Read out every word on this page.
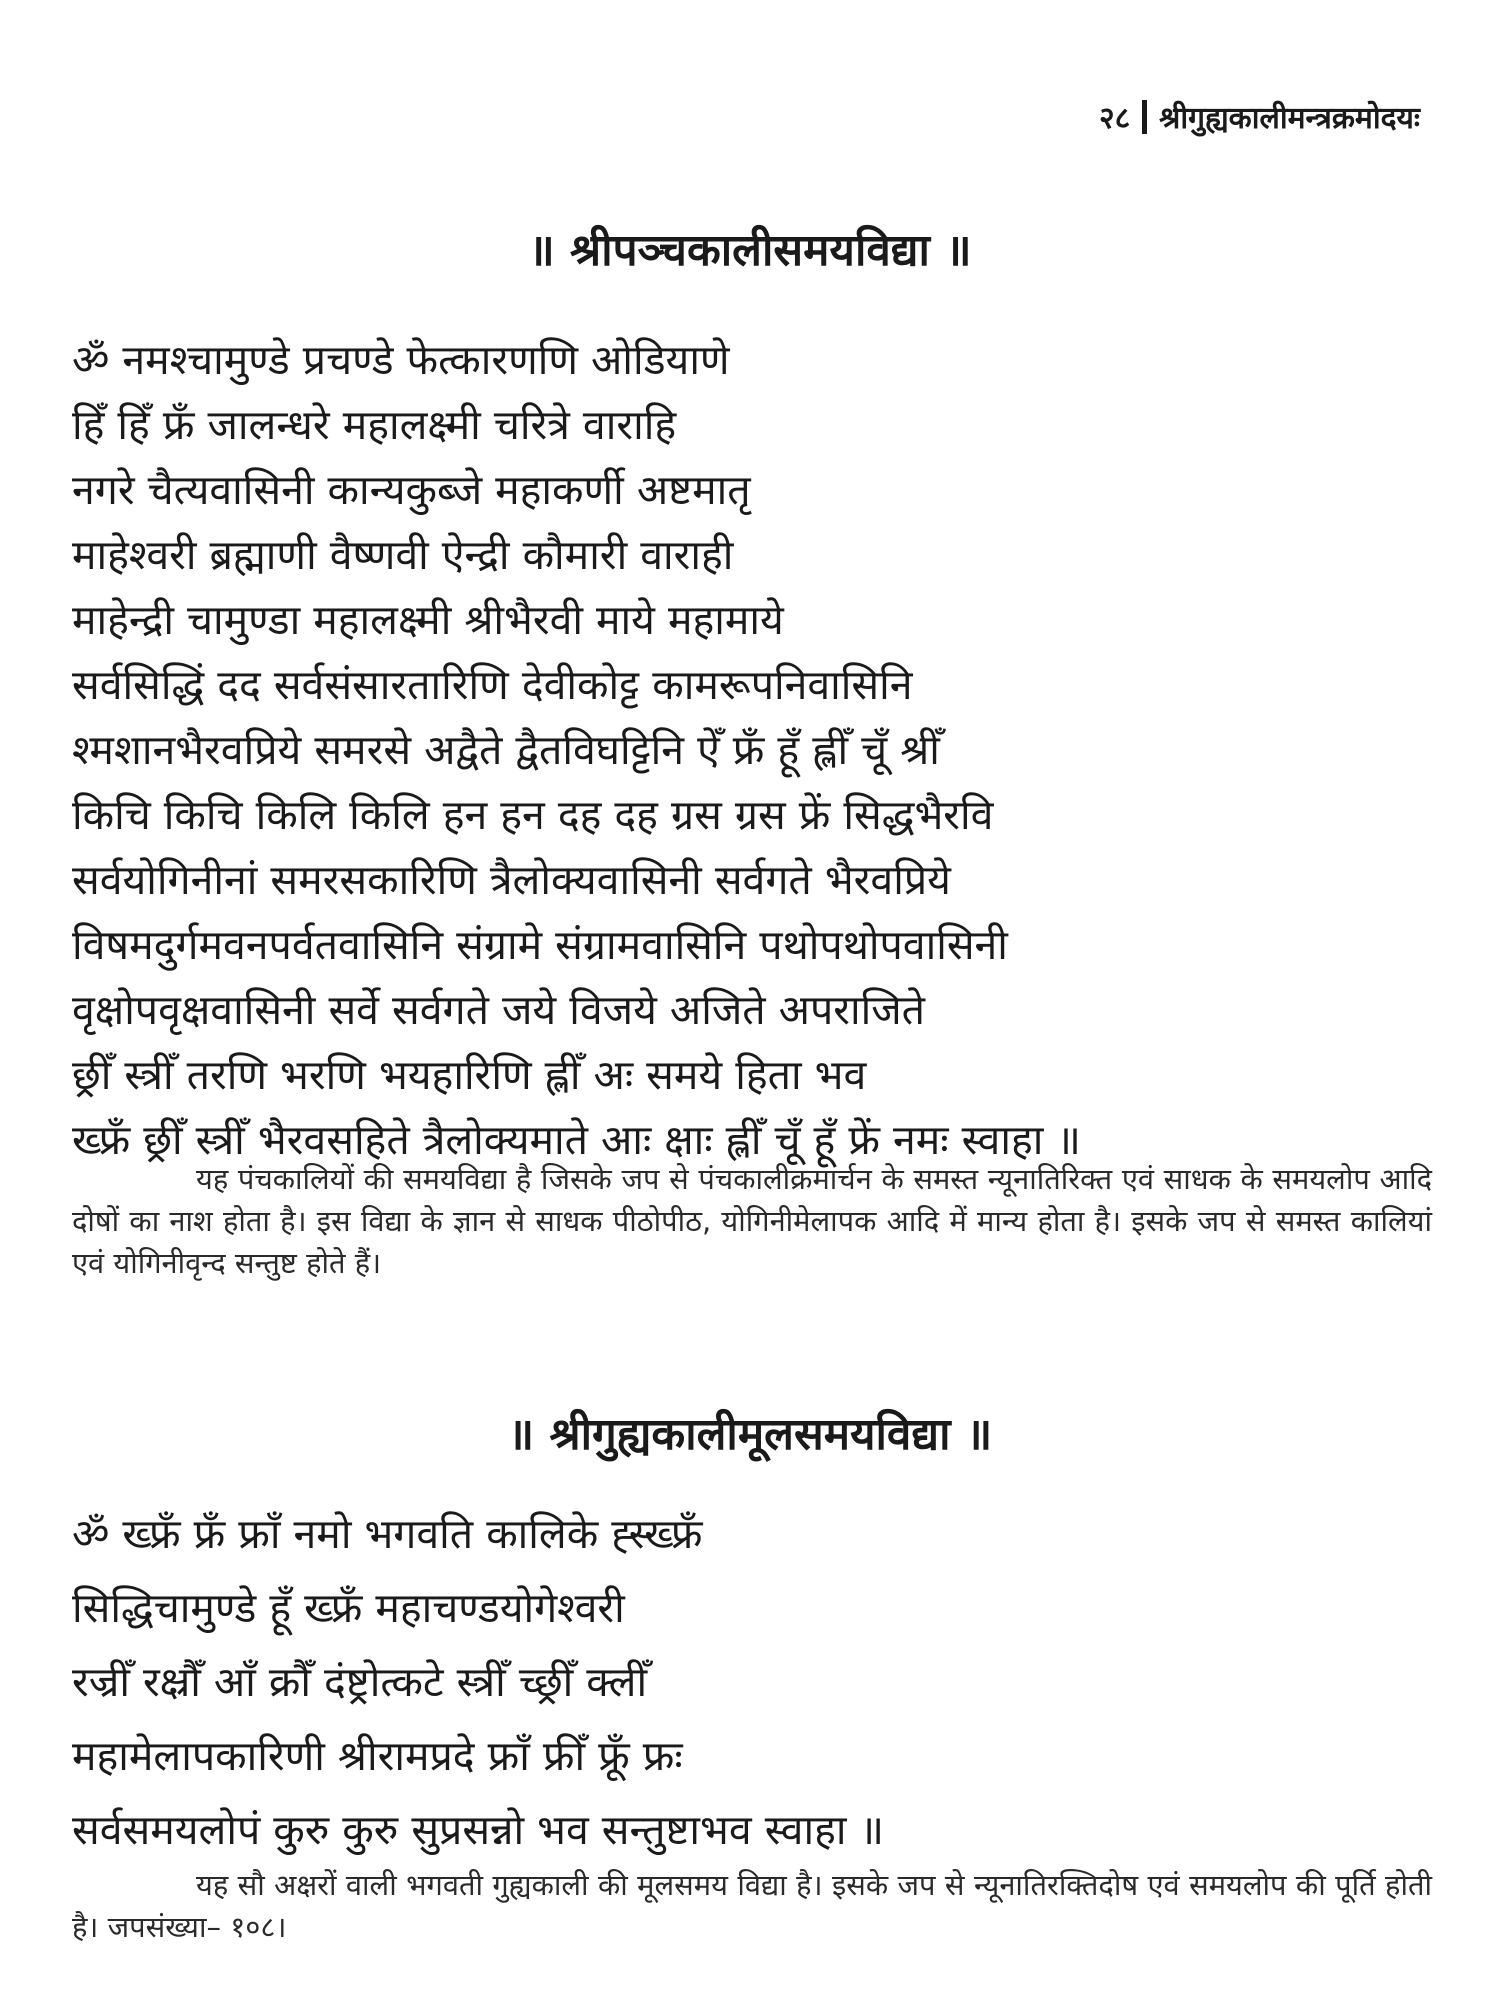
२८ श्रीगुह्यकालीमन्त्रक्रमोदयः
॥ श्रीपञ्चकालीसमयविद्या ॥
ॐ नमश्चामुण्डे प्रचण्डे फेत्कारणणि ओडियाणे
हिँ हिँ फ्रँ जालन्धरे महालक्ष्मी चरित्रे वाराहि
नगरे चैत्यवासिनी कान्यकुब्जे महाकर्णी अष्टमातृ
माहेश्वरी ब्रह्माणी वैष्णवी ऐन्द्री कौमारी वाराही
माहेन्द्री चामुण्डा महालक्ष्मी श्रीभैरवी माये महामाये
सर्वसिद्धिं दद सर्वसंसारतारिणि देवीकोट्ट कामरूपनिवासिनि
श्मशानभैरवप्रिये समरसे अद्वैते द्वैतविघट्टिनि ऐँ फ्रँ हूँ ह्लीँ चूँ श्रीँ
किचि किचि किलि किलि हन हन दह दह ग्रस ग्रस फ्रें सिद्धभैरवि
सर्वयोगिनीनां समरसकारिणि त्रैलोक्यवासिनी सर्वगते भैरवप्रिये
विषमदुर्गमवनपर्वतवासिनि संग्रामे संग्रामवासिनि पथोपथोपवासिनी
वृक्षोपवृक्षवासिनी सर्वे सर्वगते जये विजये अजिते अपराजिते
छ्रीँ स्त्रीँ तरणि भरणि भयहारिणि ह्लीँ अः समये हिता भव
ख्फ्रँ छ्रीँ स्त्रीँ भैरवसहिते त्रैलोक्यमाते आः क्षाः ह्लीँ चूँ हूँ फ्रें नमः स्वाहा ॥
यह पंचकालियों की समयविद्या है जिसके जप से पंचकालीक्रमार्चन के समस्त न्यूनातिरिक्त एवं साधक के समयलोप आदि दोषों का नाश होता है। इस विद्या के ज्ञान से साधक पीठोपीठ, योगिनीमेलापक आदि में मान्य होता है। इसके जप से समस्त कालियां एवं योगिनीवृन्द सन्तुष्ट होते हैं।
॥ श्रीगुह्यकालीमूलसमयविद्या ॥
ॐ ख्फ्रँ फ्रँ फ्राँ नमो भगवति कालिके ह्स्ख्फ्रँ
सिद्धिचामुण्डे हूँ ख्फ्रँ महाचण्डयोगेश्वरी
रज्रीँ रक्ष्रौँ आँ क्रौँ दंष्ट्रोत्कटे स्त्रीँ च्छ्रीँ क्लीँ
महामेलापकारिणी श्रीरामप्रदे फ्राँ फ्रीँ फ्रूँ फ्रः
सर्वसमयलोपं कुरु कुरु सुप्रसन्नो भव सन्तुष्टाभव स्वाहा ॥
यह सौ अक्षरों वाली भगवती गुह्यकाली की मूलसमय विद्या है। इसके जप से न्यूनातिरक्तिदोष एवं समयलोप की पूर्ति होती है। जपसंख्या– १०८।
